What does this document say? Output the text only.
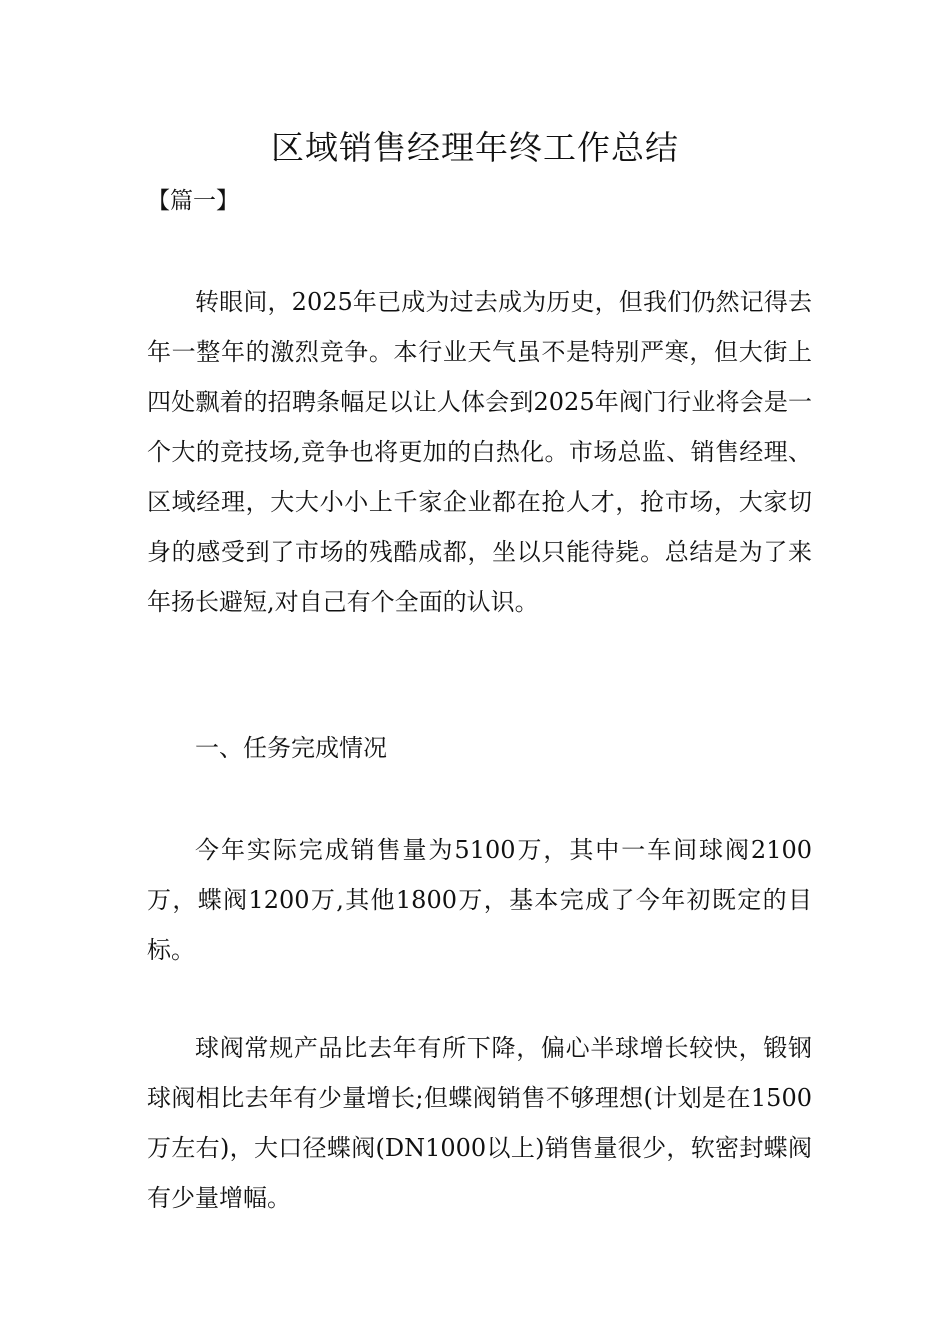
区域销售经理年终工作总结

【篇一】

转眼间，2025年已成为过去成为历史，但我们仍然记得去年一整年的激烈竞争。本行业天气虽不是特别严寒，但大街上四处飘着的招聘条幅足以让人体会到2025年阀门行业将会是一个大的竞技场,竞争也将更加的白热化。市场总监、销售经理、区域经理，大大小小上千家企业都在抢人才，抢市场，大家切身的感受到了市场的残酷成都，坐以只能待毙。总结是为了来年扬长避短,对自己有个全面的认识。

一、任务完成情况

今年实际完成销售量为5100万，其中一车间球阀2100万，蝶阀1200万,其他1800万，基本完成了今年初既定的目标。

球阀常规产品比去年有所下降，偏心半球增长较快，锻钢球阀相比去年有少量增长;但蝶阀销售不够理想(计划是在1500万左右)，大口径蝶阀(DN1000以上)销售量很少，软密封蝶阀有少量增幅。
